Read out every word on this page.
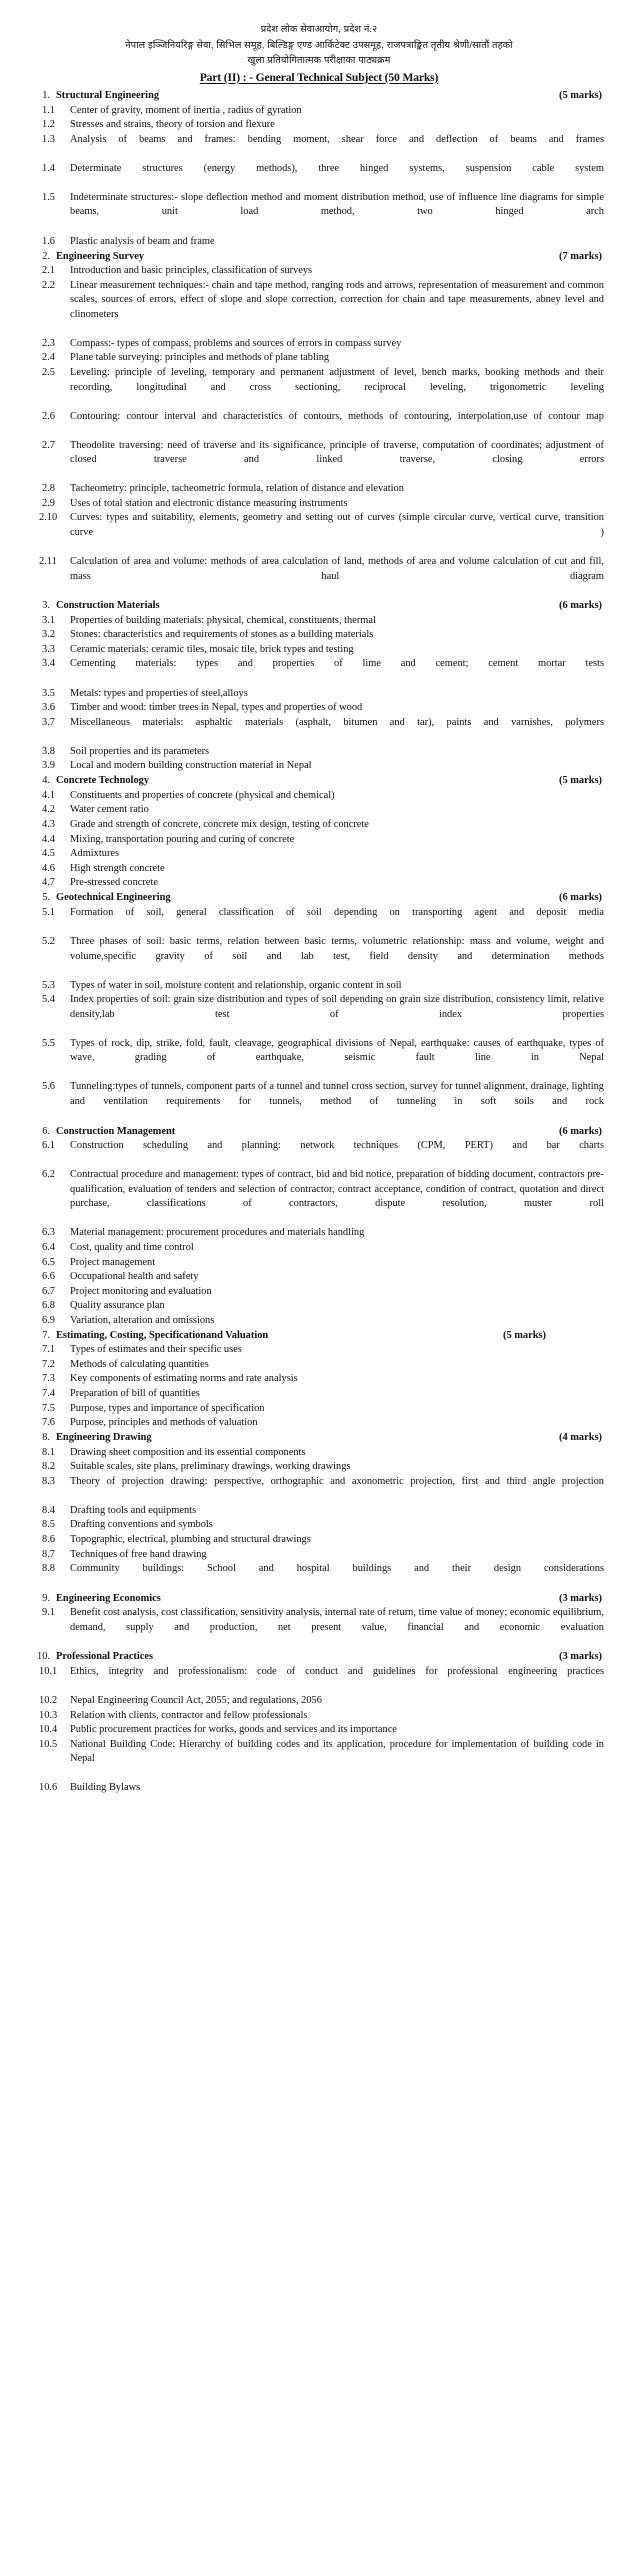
प्रदेश लोक सेवाआयोग, प्रदेश नं.२
नेपाल इञ्जिनियरिङ्ग सेवा, सिभिल समूह, बिल्डिङ्ग एण्ड आर्किटेक्ट उपसमूह, राजपत्राङ्कित तृतीय श्रेणी/सातौं तहको
खुला प्रतियोगितात्मक परीक्षाका पाठ्यक्रम
Part (II) : - General Technical Subject (50 Marks)
1. Structural Engineering	(5 marks)
1.1	Center of gravity, moment of inertia , radius of gyration
1.2	Stresses and strains, theory of torsion and flexure
1.3	Analysis of beams and frames: bending moment, shear force and deflection of beams and frames
1.4	Determinate structures (energy methods), three hinged systems, suspension cable system
1.5	Indeterminate structures:- slope deflection method and moment distribution method, use of influence line diagrams for simple beams, unit load method, two hinged arch
1.6	Plastic analysis of beam and frame
2. Engineering Survey	(7 marks)
2.1	Introduction and basic principles, classification of surveys
2.2	Linear measurement techniques:- chain and tape method, ranging rods and arrows, representation of measurement and common scales, sources of errors, effect of slope and slope correction, correction for chain and tape measurements, abney level and clinometers
2.3	Compass:- types of compass, problems and sources of errors in compass survey
2.4	Plane table surveying: principles and methods of plane tabling
2.5	Leveling: principle of leveling, temporary and permanent adjustment of level, bench marks, booking methods and their recording, longitudinal and cross sectioning, reciprocal leveling, trigonometric leveling
2.6	Contouring: contour interval and characteristics of contours, methods of contouring, interpolation,use of contour map
2.7	Theodolite traversing: need of traverse and its significance, principle of traverse, computation of coordinates; adjustment of closed traverse and linked traverse, closing errors
2.8	Tacheometry: principle, tacheometric formula, relation of distance and elevation
2.9	Uses of total station and electronic distance measuring instruments
2.10	Curves: types and suitability, elements, geometry and setting out of curves (simple circular curve, vertical curve, transition curve )
2.11	Calculation of area and volume: methods of area calculation of land, methods of area and volume calculation of cut and fill, mass haul diagram
3. Construction Materials	(6 marks)
3.1	Properties of building materials: physical, chemical, constituents, thermal
3.2	Stones: characteristics and requirements of stones as a building materials
3.3	Ceramic materials: ceramic tiles, mosaic tile, brick types and testing
3.4	Cementing materials: types and properties of lime and cement; cement mortar tests
3.5	Metals: types and properties of steel,alloys
3.6	Timber and wood: timber trees in Nepal, types and properties of wood
3.7	Miscellaneous materials: asphaltic materials (asphalt, bitumen and tar), paints and varnishes, polymers
3.8	Soil properties and its parameters
3.9	Local and modern building construction material in Nepal
4. Concrete Technology	(5 marks)
4.1	Constituents and properties of concrete (physical and chemical)
4.2	Water cement ratio
4.3	Grade and strength of concrete, concrete mix design, testing of concrete
4.4	Mixing, transportation pouring and curing of concrete
4.5	Admixtures
4.6	High strength concrete
4.7	Pre-stressed concrete
5. Geotechnical Engineering	(6 marks)
5.1	Formation of soil, general classification of soil depending on transporting agent and deposit media
5.2	Three phases of soil: basic terms, relation between basic terms, volumetric relationship: mass and volume, weight and volume,specific gravity of soil and lab test, field density and determination methods
5.3	Types of water in soil, moisture content and relationship, organic content in soil
5.4	Index properties of soil: grain size distribution and types of soil depending on grain size distribution, consistency limit, relative density,lab test of index properties
5.5	Types of rock, dip, strike, fold, fault, cleavage, geographical divisions of Nepal, earthquake: causes of earthquake, types of wave, grading of earthquake, seismic fault line in Nepal
5.6	Tunneling:types of tunnels, component parts of a tunnel and tunnel cross section, survey for tunnel alignment, drainage, lighting and ventilation requirements for tunnels, method of tunneling in soft soils and rock
6. Construction Management	(6 marks)
6.1	Construction scheduling and planning: network techniques (CPM, PERT) and bar charts
6.2	Contractual procedure and management: types of contract, bid and bid notice, preparation of bidding document, contractors pre-qualification, evaluation of tenders and selection of contractor, contract acceptance, condition of contract, quotation and direct purchase, classifications of contractors, dispute resolution, muster roll
6.3	Material management: procurement procedures and materials handling
6.4	Cost, quality and time control
6.5	Project management
6.6	Occupational health and safety
6.7	Project monitoring and evaluation
6.8	Quality assurance plan
6.9	Variation, alteration and omissions
7. Estimating, Costing, Specificationand Valuation	(5 marks)
7.1	Types of estimates and their specific uses
7.2	Methods of calculating quantities
7.3	Key components of estimating norms and rate analysis
7.4	Preparation of bill of quantities
7.5	Purpose, types and importance of specification
7.6	Purpose, principles and methods of valuation
8. Engineering Drawing	(4 marks)
8.1	Drawing sheet composition and its essential components
8.2	Suitable scales, site plans, preliminary drawings, working drawings
8.3	Theory of projection drawing: perspective, orthographic and axonometric projection, first and third angle projection
8.4	Drafting tools and equipments
8.5	Drafting conventions and symbols
8.6	Topographic, electrical, plumbing and structural drawings
8.7	Techniques of free hand drawing
8.8	Community buildings: School and hospital buildings and their design considerations
9. Engineering Economics	(3 marks)
9.1	Benefit cost analysis, cost classification, sensitivity analysis, internal rate of return, time value of money; economic equilibrium, demand, supply and production, net present value, financial and economic evaluation
10. Professional Practices	(3 marks)
10.1	Ethics, integrity and professionalism: code of conduct and guidelines for professional engineering practices
10.2	Nepal Engineering Council Act, 2055; and regulations, 2056
10.3	Relation with clients, contractor and fellow professionals
10.4	Public procurement practices for works, goods and services and its importance
10.5	National Building Code: Hierarchy of building codes and its application, procedure for implementation of building code in Nepal
10.6	Building Bylaws
